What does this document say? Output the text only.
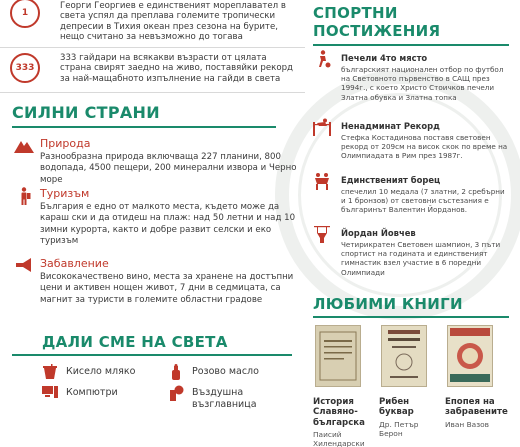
1
Георги Георгиев е единственият мореплавател в света успял да преплава големите тропически депресии в Тихия океан през сезона на бурите, нещо считано за невъзможно до тогава
333
333 гайдари на всякакви възрасти от цялата страна свирят заедно на живо, поставяйки рекорд за най-мащабното изпълнение на гайди в света
СИЛНИ СТРАНИ
Природа
Разнообразна природа включваща 227 планини, 800 водопада, 4500 пещери, 200 минерални извора и Черно море
Туризъм
България е едно от малкото места, където може да караш ски и да отидеш на плаж: над 50 летни и над 10 зимни курорта, както и добре развит селски и еко туризъм
Забавление
Висококачествено вино, места за хранене на достъпни цени и активен нощен живот, 7 дни в седмицата, са магнит за туристи в големите областни градове
ДАЛИ СМЕ НА СВЕТА
Кисело мляко	Розово масло
Компютри	Въздушна възглавница
СПОРТНИ
ПОСТИЖЕНИЯ
Печели 4то място
българският национален отбор по футбол на Световното първенство в САЩ през 1994г., с което Христо Стоичков печели Златна обувка и Златна топка
Ненадминат Рекорд
Стефка Костадинова поставя световен рекорд от 209см на висок скок по време на Олимпиадата в Рим през 1987г.
Единственият борец
спечелил 10 медала (7 златни, 2 сребърни и 1 бронзов) от световни състезания е българинът Валентин Йорданов.
Йордан Йовчев
Четирикратен Световен шампион, 3 пъти спортист на годината и единственият гимнастик взел участие в 6 поредни Олимпиади
ЛЮБИМИ КНИГИ
История Славяно-българска
Паисий Хилендарски
Рибен буквар
Др. Петър Берон
Епопея на забравените
Иван Вазов
